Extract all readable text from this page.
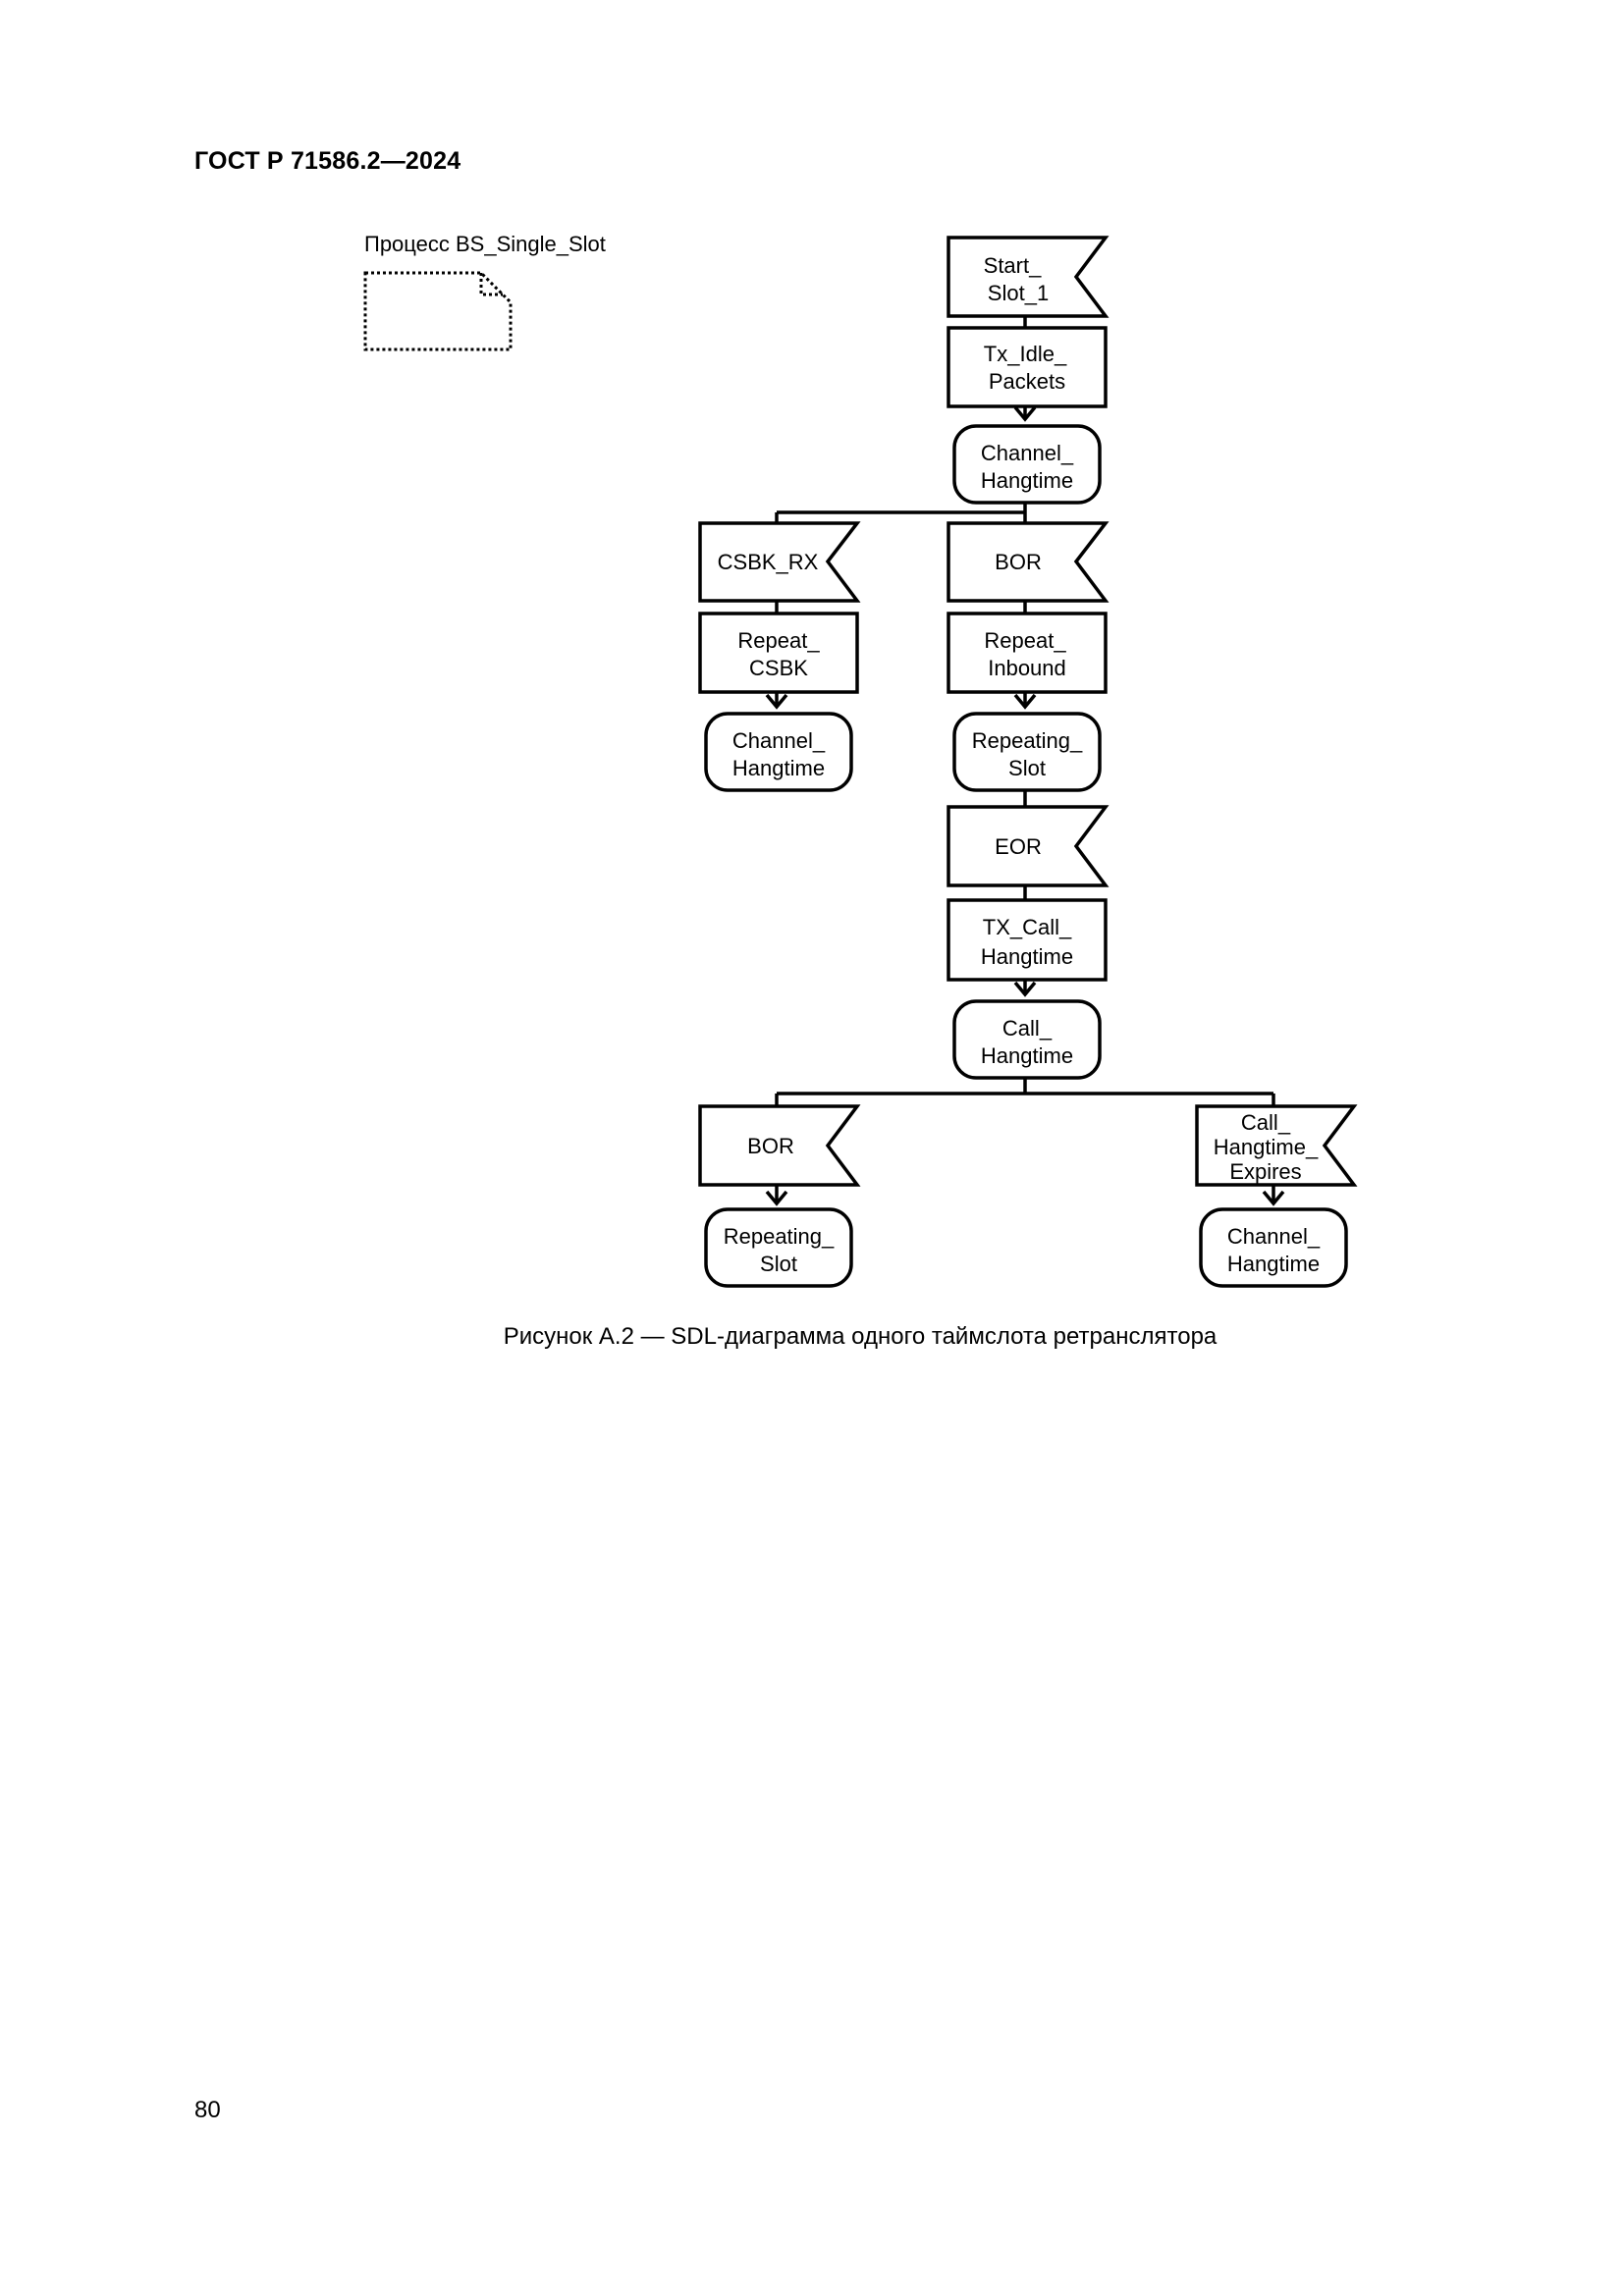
ГОСТ Р 71586.2—2024
Процесс BS_Single_Slot
Start_
Slot_1
CSBK_RX	BOR
EOR
BOR
Call_
Hangtime_
Expires
Tx_Idle_
Packets
Repeat_
CSBK
Repeat_
Inbound
TX_Call_
Hangtime
Channel_
Hangtime
Channel_
Hangtime
Repeating_
Slot
Call_
Hangtime
Repeating_
Slot
Channel_
Hangtime
Рисунок А.2 — SDL-диаграмма одного таймслота ретранслятора
80
